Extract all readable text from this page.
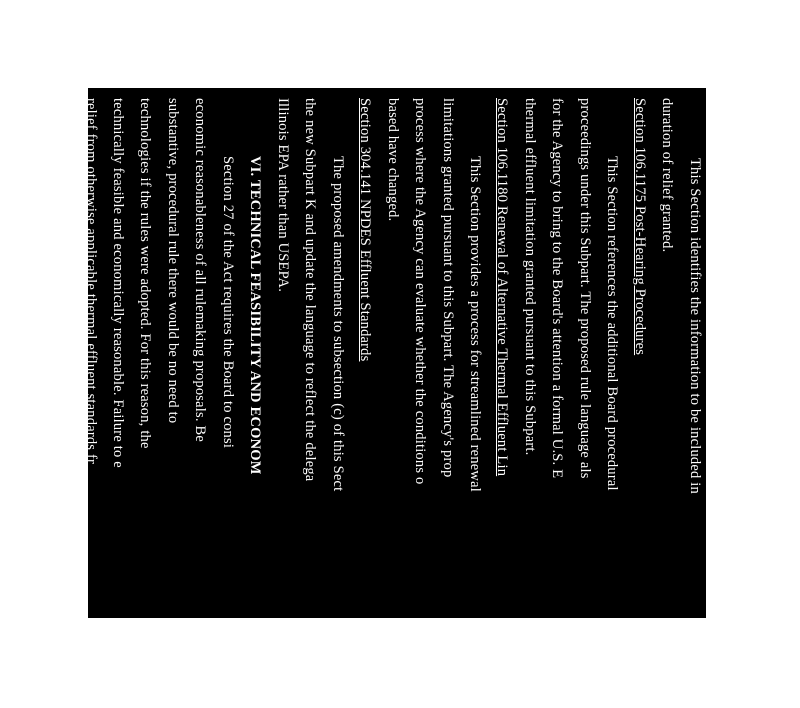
This Section identifies the information to be included in
duration of relief granted.
Section 106.1175 Post-Hearing Procedures
This Section references the additional Board procedural
proceedings under this Subpart. The proposed rule language als
for the Agency to bring to the Board's attention a formal U.S. E
thermal effluent limitation granted pursuant to this Subpart.
Section 106.1180 Renewal of Alternative Thermal Effluent Lin
This Section provides a process for streamlined renewal
limitations granted pursuant to this Subpart. The Agency's prop
process where the Agency can evaluate whether the conditions o
based have changed.
Section 304.141 NPDES Effluent Standards
The proposed amendments to subsection (c) of this Sect
the new Subpart K and update the language to reflect the delega
Illinois EPA rather than USEPA.
VI. TECHNICAL FEASIBILITY AND ECONOM
Section 27 of the Act requires the Board to consi
economic reasonableness of all rulemaking proposals. Be
substantive, procedural rule there would be no need to
technologies if the rules were adopted. For this reason, the
technically feasible and economically reasonable. Failure to e
relief from otherwise applicable thermal effluent standards fr
